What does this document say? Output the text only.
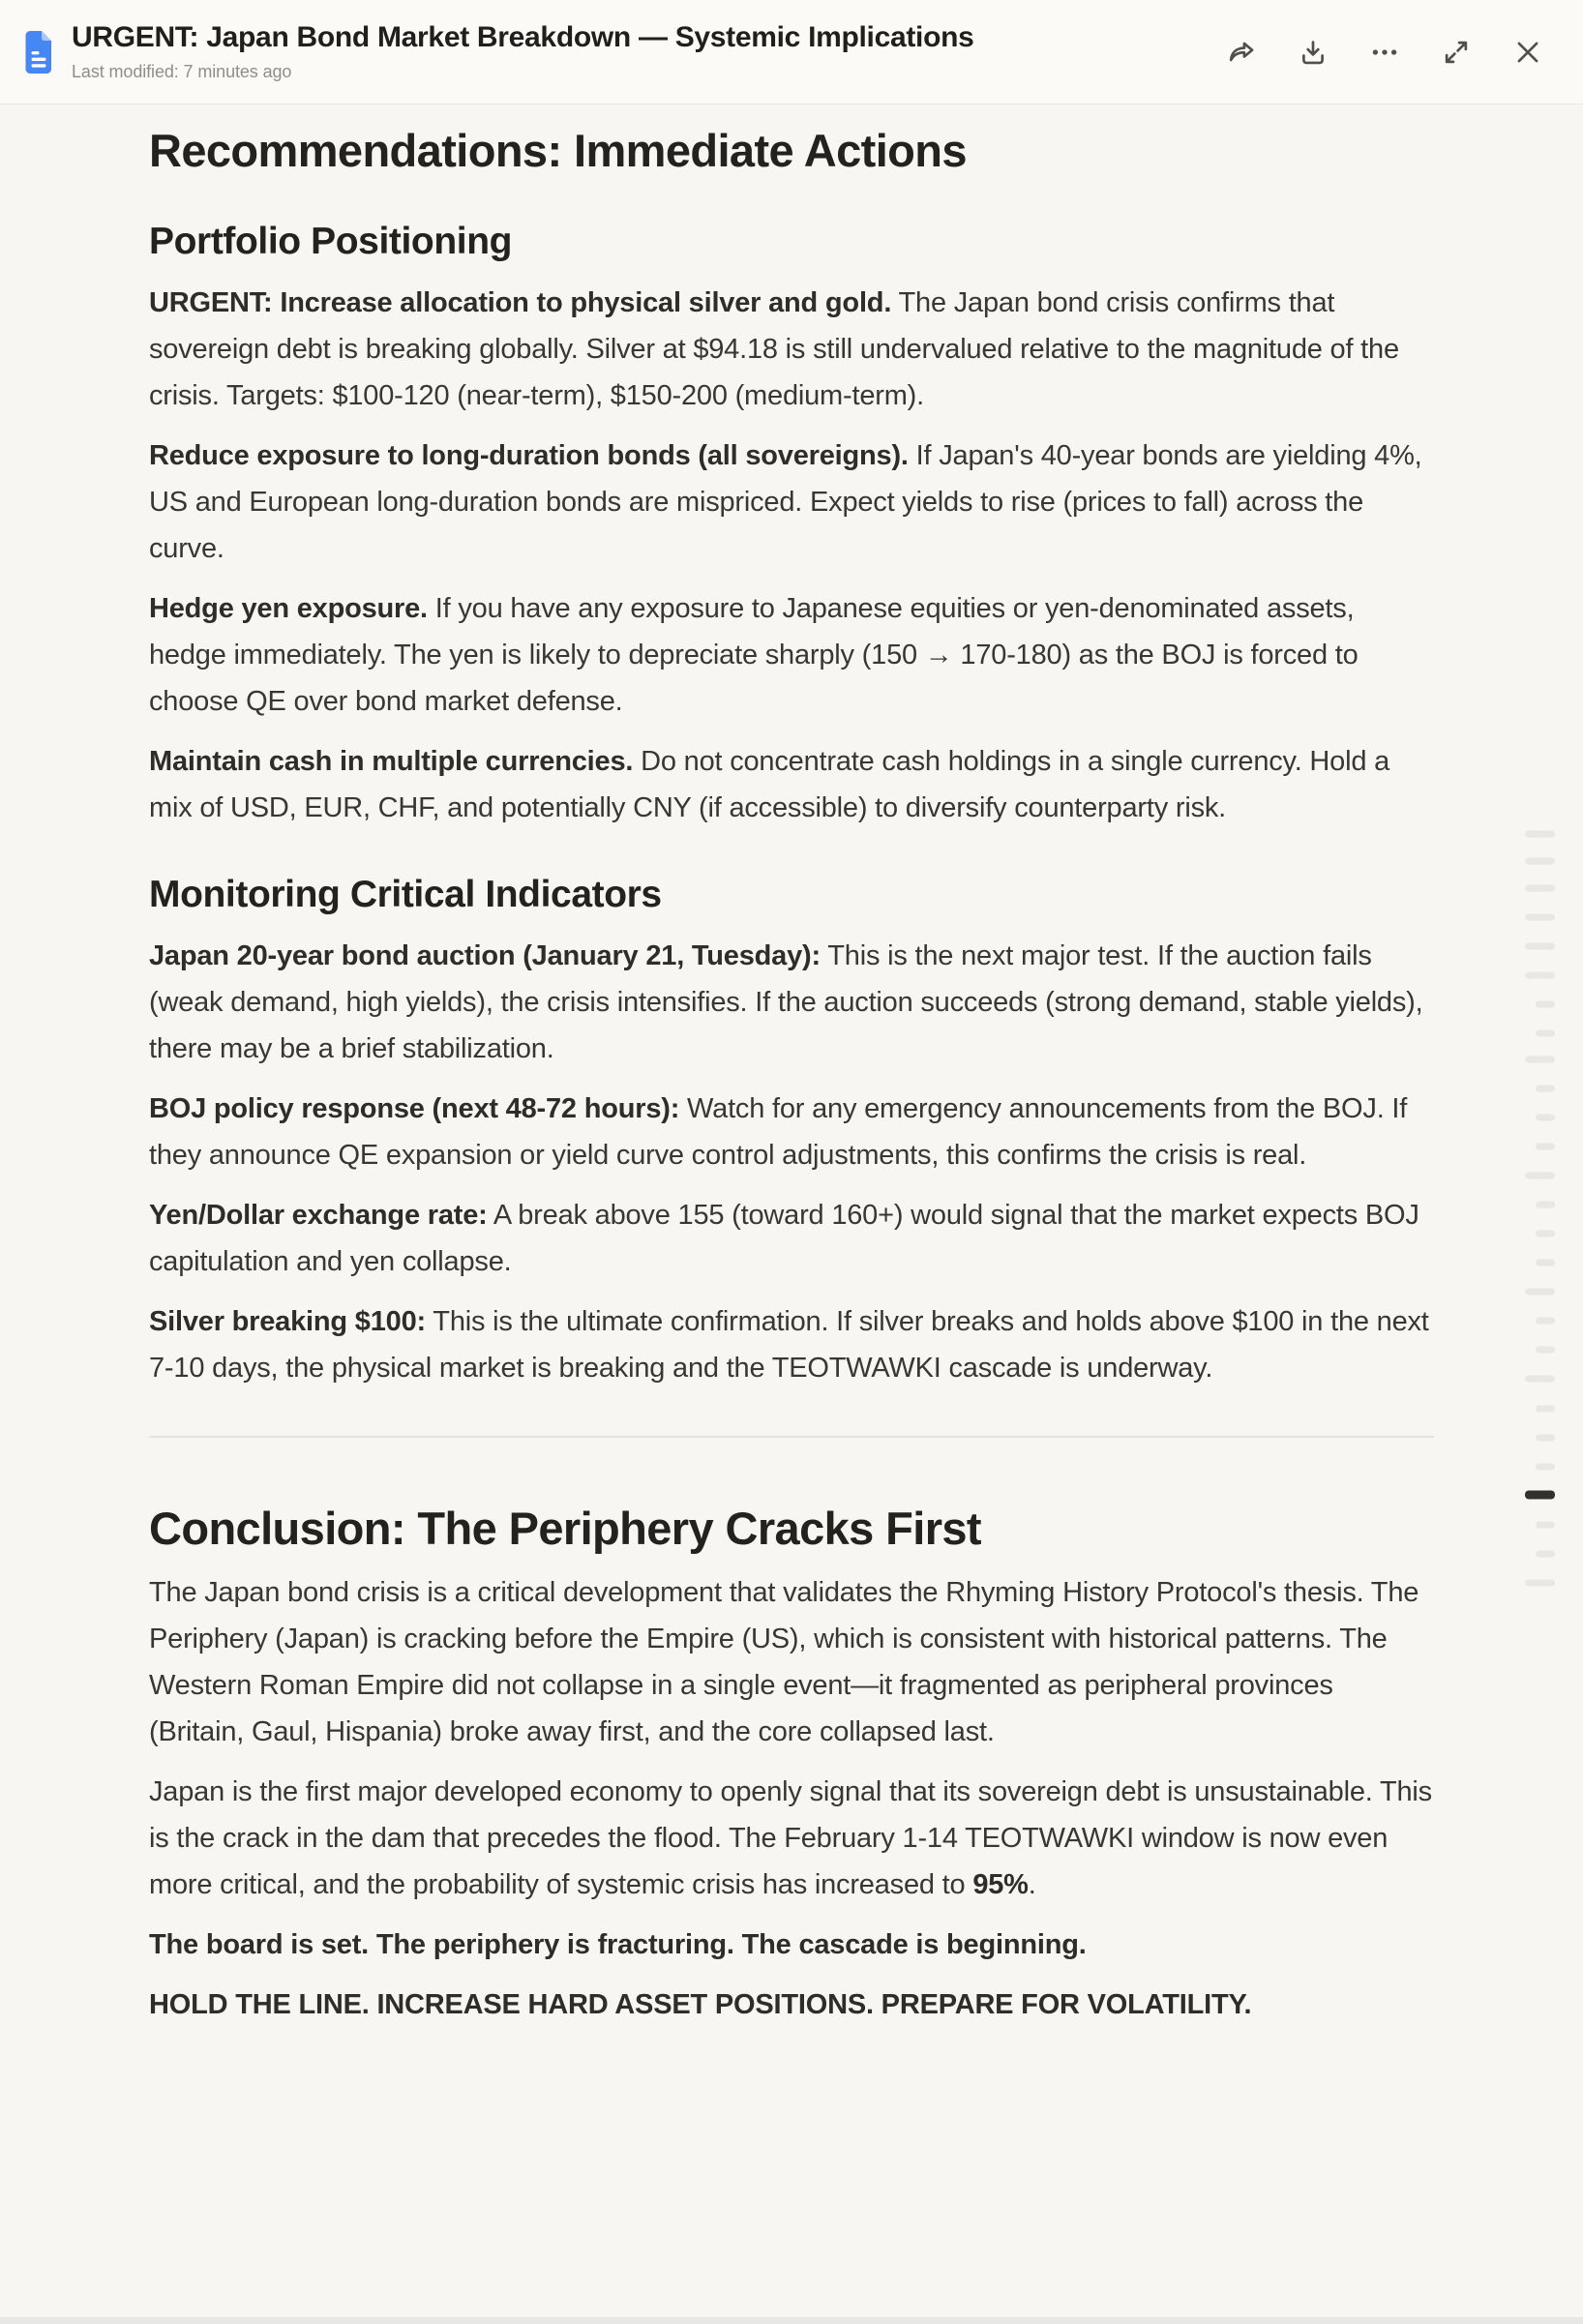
URGENT: Japan Bond Market Breakdown — Systemic Implications
Last modified: 7 minutes ago
Recommendations: Immediate Actions
Portfolio Positioning

URGENT: Increase allocation to physical silver and gold. The Japan bond crisis confirms that sovereign debt is breaking globally. Silver at $94.18 is still undervalued relative to the magnitude of the crisis. Targets: $100-120 (near-term), $150-200 (medium-term).

Reduce exposure to long-duration bonds (all sovereigns). If Japan's 40-year bonds are yielding 4%, US and European long-duration bonds are mispriced. Expect yields to rise (prices to fall) across the curve.

Hedge yen exposure. If you have any exposure to Japanese equities or yen-denominated assets, hedge immediately. The yen is likely to depreciate sharply (150 → 170-180) as the BOJ is forced to choose QE over bond market defense.

Maintain cash in multiple currencies. Do not concentrate cash holdings in a single currency. Hold a mix of USD, EUR, CHF, and potentially CNY (if accessible) to diversify counterparty risk.

Monitoring Critical Indicators

Japan 20-year bond auction (January 21, Tuesday): This is the next major test. If the auction fails (weak demand, high yields), the crisis intensifies. If the auction succeeds (strong demand, stable yields), there may be a brief stabilization.

BOJ policy response (next 48-72 hours): Watch for any emergency announcements from the BOJ. If they announce QE expansion or yield curve control adjustments, this confirms the crisis is real.

Yen/Dollar exchange rate: A break above 155 (toward 160+) would signal that the market expects BOJ capitulation and yen collapse.

Silver breaking $100: This is the ultimate confirmation. If silver breaks and holds above $100 in the next 7-10 days, the physical market is breaking and the TEOTWAWKI cascade is underway.

Conclusion: The Periphery Cracks First

The Japan bond crisis is a critical development that validates the Rhyming History Protocol's thesis. The Periphery (Japan) is cracking before the Empire (US), which is consistent with historical patterns. The Western Roman Empire did not collapse in a single event—it fragmented as peripheral provinces (Britain, Gaul, Hispania) broke away first, and the core collapsed last.

Japan is the first major developed economy to openly signal that its sovereign debt is unsustainable. This is the crack in the dam that precedes the flood. The February 1-14 TEOTWAWKI window is now even more critical, and the probability of systemic crisis has increased to 95%.

The board is set. The periphery is fracturing. The cascade is beginning.

HOLD THE LINE. INCREASE HARD ASSET POSITIONS. PREPARE FOR VOLATILITY.
